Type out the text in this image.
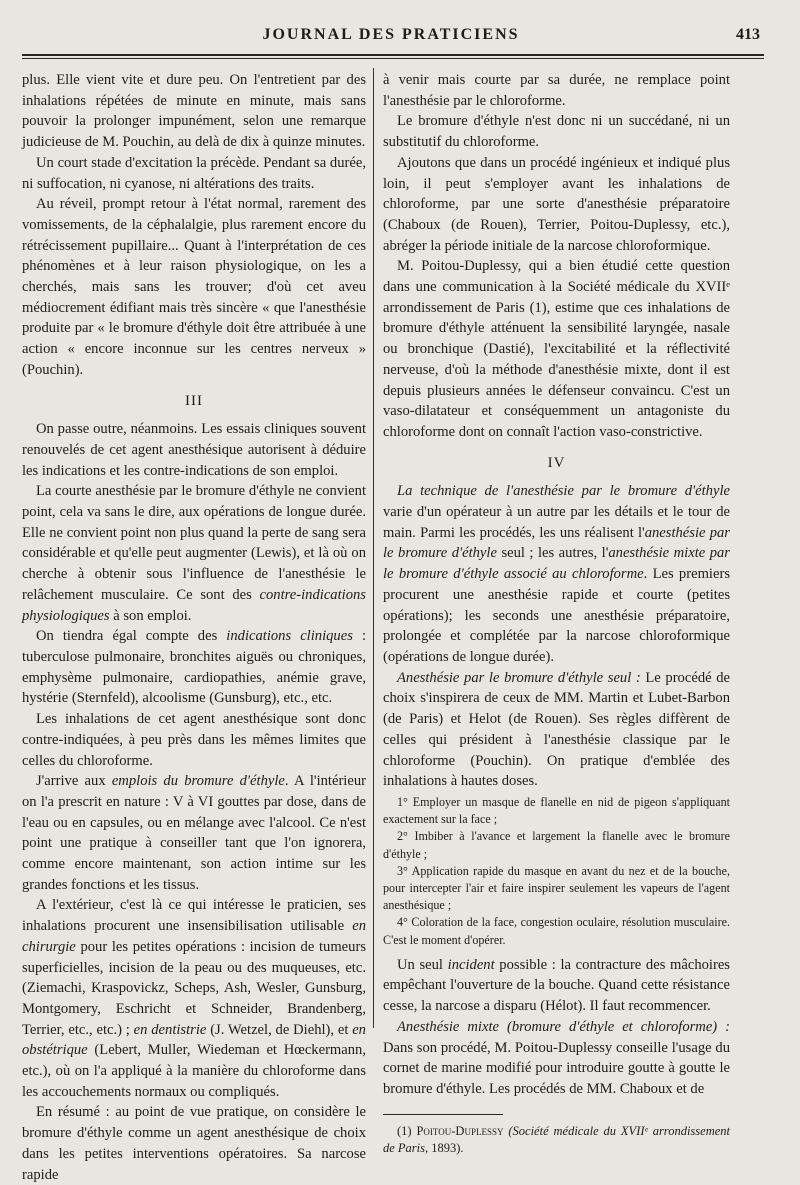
JOURNAL DES PRATICIENS	413

plus. Elle vient vite et dure peu. On l'entretient par des inhalations répétées de minute en minute, mais sans pouvoir la prolonger impunément, selon une remarque judicieuse de M. Pouchin, au delà de dix à quinze minutes.

Un court stade d'excitation la précède. Pendant sa durée, ni suffocation, ni cyanose, ni altérations des traits.

Au réveil, prompt retour à l'état normal, rarement des vomissements, de la céphalalgie, plus rarement encore du rétrécissement pupillaire... Quant à l'interprétation de ces phénomènes et à leur raison physiologique, on les a cherchés, mais sans les trouver; d'où cet aveu médiocrement édifiant mais très sincère « que l'anesthésie produite par « le bromure d'éthyle doit être attribuée à une action « encore inconnue sur les centres nerveux » (Pouchin).

III

On passe outre, néanmoins. Les essais cliniques souvent renouvelés de cet agent anesthésique autorisent à déduire les indications et les contre-indications de son emploi.

La courte anesthésie par le bromure d'éthyle ne convient point, cela va sans le dire, aux opérations de longue durée. Elle ne convient point non plus quand la perte de sang sera considérable et qu'elle peut augmenter (Lewis), et là où on cherche à obtenir sous l'influence de l'anesthésie le relâchement musculaire. Ce sont des contre-indications physiologiques à son emploi.

On tiendra égal compte des indications cliniques : tuberculose pulmonaire, bronchites aiguës ou chroniques, emphysème pulmonaire, cardiopathies, anémie grave, hystérie (Sternfeld), alcoolisme (Gunsburg), etc., etc.

Les inhalations de cet agent anesthésique sont donc contre-indiquées, à peu près dans les mêmes limites que celles du chloroforme.

J'arrive aux emplois du bromure d'éthyle. A l'intérieur on l'a prescrit en nature : V à VI gouttes par dose, dans de l'eau ou en capsules, ou en mélange avec l'alcool. Ce n'est point une pratique à conseiller tant que l'on ignorera, comme encore maintenant, son action intime sur les grandes fonctions et les tissus.

A l'extérieur, c'est là ce qui intéresse le praticien, ses inhalations procurent une insensibilisation utilisable en chirurgie pour les petites opérations : incision de tumeurs superficielles, incision de la peau ou des muqueuses, etc. (Ziemachi, Kraspovickz, Scheps, Ash, Wesler, Gunsburg, Montgomery, Eschricht et Schneider, Brandenberg, Terrier, etc., etc.) ; en dentistrie (J. Wetzel, de Diehl), et en obstétrique (Lebert, Muller, Wiedeman et Hœckermann, etc.), où on l'a appliqué à la manière du chloroforme dans les accouchements normaux ou compliqués.

En résumé : au point de vue pratique, on considère le bromure d'éthyle comme un agent anesthésique de choix dans les petites interventions opératoires. Sa narcose rapide

à venir mais courte par sa durée, ne remplace point l'anesthésie par le chloroforme.

Le bromure d'éthyle n'est donc ni un succédané, ni un substitutif du chloroforme.

Ajoutons que dans un procédé ingénieux et indiqué plus loin, il peut s'employer avant les inhalations de chloroforme, par une sorte d'anesthésie préparatoire (Chaboux (de Rouen), Terrier, Poitou-Duplessy, etc.), abréger la période initiale de la narcose chloroformique.

M. Poitou-Duplessy, qui a bien étudié cette question dans une communication à la Société médicale du XVIIᵉ arrondissement de Paris (1), estime que ces inhalations de bromure d'éthyle atténuent la sensibilité laryngée, nasale ou bronchique (Dastié), l'excitabilité et la réflectivité nerveuse, d'où la méthode d'anesthésie mixte, dont il est depuis plusieurs années le défenseur convaincu. C'est un vaso-dilatateur et conséquemment un antagoniste du chloroforme dont on connaît l'action vaso-constrictive.

IV

La technique de l'anesthésie par le bromure d'éthyle varie d'un opérateur à un autre par les détails et le tour de main. Parmi les procédés, les uns réalisent l'anesthésie par le bromure d'éthyle seul ; les autres, l'anesthésie mixte par le bromure d'éthyle associé au chloroforme. Les premiers procurent une anesthésie rapide et courte (petites opérations); les seconds une anesthésie préparatoire, prolongée et complétée par la narcose chloroformique (opérations de longue durée).

Anesthésie par le bromure d'éthyle seul : Le procédé de choix s'inspirera de ceux de MM. Martin et Lubet-Barbon (de Paris) et Helot (de Rouen). Ses règles diffèrent de celles qui président à l'anesthésie classique par le chloroforme (Pouchin). On pratique d'emblée des inhalations à hautes doses.

1° Employer un masque de flanelle en nid de pigeon s'appliquant exactement sur la face ;

2° Imbiber à l'avance et largement la flanelle avec le bromure d'éthyle ;

3° Application rapide du masque en avant du nez et de la bouche, pour intercepter l'air et faire inspirer seulement les vapeurs de l'agent anesthésique ;

4° Coloration de la face, congestion oculaire, résolution musculaire. C'est le moment d'opérer.

Un seul incident possible : la contracture des mâchoires empêchant l'ouverture de la bouche. Quand cette résistance cesse, la narcose a disparu (Hélot). Il faut recommencer.

Anesthésie mixte (bromure d'éthyle et chloroforme) : Dans son procédé, M. Poitou-Duplessy conseille l'usage du cornet de marine modifié pour introduire goutte à goutte le bromure d'éthyle. Les procédés de MM. Chaboux et de

(1) Poitou-Duplessy (Société médicale du XVIIᵉ arrondissement de Paris, 1893).
